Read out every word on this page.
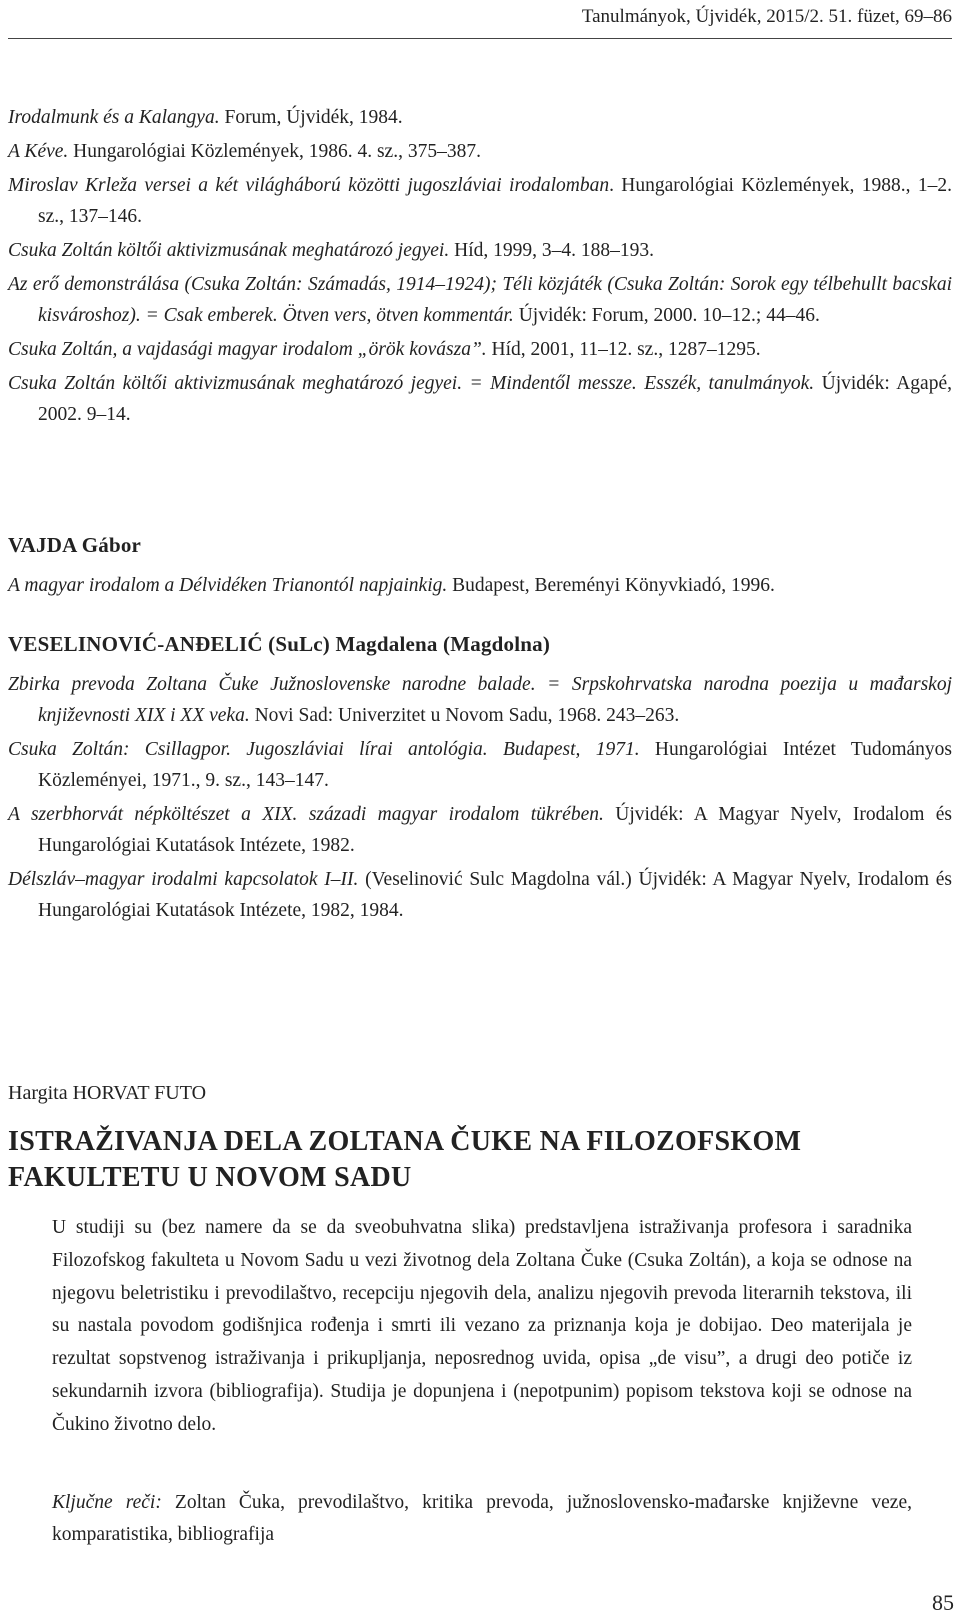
Tanulmányok, Újvidék, 2015/2. 51. füzet, 69–86

Irodalmunk és a Kalangya. Forum, Újvidék, 1984.

A Kéve. Hungarológiai Közlemények, 1986. 4. sz., 375–387.

Miroslav Krleža versei a két világháború közötti jugoszláviai irodalomban. Hungarológiai Közlemények, 1988., 1–2. sz., 137–146.

Csuka Zoltán költői aktivizmusának meghatározó jegyei. Híd, 1999, 3–4. 188–193.

Az erő demonstrálása (Csuka Zoltán: Számadás, 1914–1924); Téli közjáték (Csuka Zoltán: Sorok egy télbehullt bacskai kisvároshoz). = Csak emberek. Ötven vers, ötven kommentár. Újvidék: Forum, 2000. 10–12.; 44–46.

Csuka Zoltán, a vajdasági magyar irodalom „örök kovásza”. Híd, 2001, 11–12. sz., 1287–1295.

Csuka Zoltán költői aktivizmusának meghatározó jegyei. = Mindentől messze. Esszék, tanulmányok. Újvidék: Agapé, 2002. 9–14.

VAJDA Gábor

A magyar irodalom a Délvidéken Trianontól napjainkig. Budapest, Bereményi Könyvkiadó, 1996.

VESELINOVIĆ-ANĐELIĆ (SuLc) Magdalena (Magdolna)

Zbirka prevoda Zoltana Čuke Južnoslovenske narodne balade. = Srpskohrvatska narodna poezija u mađarskoj književnosti XIX i XX veka. Novi Sad: Univerzitet u Novom Sadu, 1968. 243–263.

Csuka Zoltán: Csillagpor. Jugoszláviai lírai antológia. Budapest, 1971. Hungarológiai Intézet Tudományos Közleményei, 1971., 9. sz., 143–147.

A szerbhorvát népköltészet a XIX. századi magyar irodalom tükrében. Újvidék: A Magyar Nyelv, Irodalom és Hungarológiai Kutatások Intézete, 1982.

Délszláv–magyar irodalmi kapcsolatok I–II. (Veselinović Sulc Magdolna vál.) Újvidék: A Magyar Nyelv, Irodalom és Hungarológiai Kutatások Intézete, 1982, 1984.

Hargita HORVAT FUTO
ISTRAŽIVANJA DELA ZOLTANA ČUKE NA FILOZOFSKOM
FAKULTETU U NOVOM SADU

U studiji su (bez namere da se da sveobuhvatna slika) predstavljena istraživanja profesora i saradnika Filozofskog fakulteta u Novom Sadu u vezi životnog dela Zoltana Čuke (Csuka Zoltán), a koja se odnose na njegovu beletristiku i prevodilaštvo, recepciju njegovih dela, analizu njegovih prevoda literarnih tekstova, ili su nastala povodom godišnjica rođenja i smrti ili vezano za priznanja koja je dobijao. Deo materijala je rezultat sopstvenog istraživanja i prikupljanja, neposrednog uvida, opisa „de visu”, a drugi deo potiče iz sekundarnih izvora (bibliografija). Studija je dopunjena i (nepotpunim) popisom tekstova koji se odnose na Čukino životno delo.

Ključne reči: Zoltan Čuka, prevodilaštvo, kritika prevoda, južnoslovensko-mađarske književne veze, komparatistika, bibliografija

85
